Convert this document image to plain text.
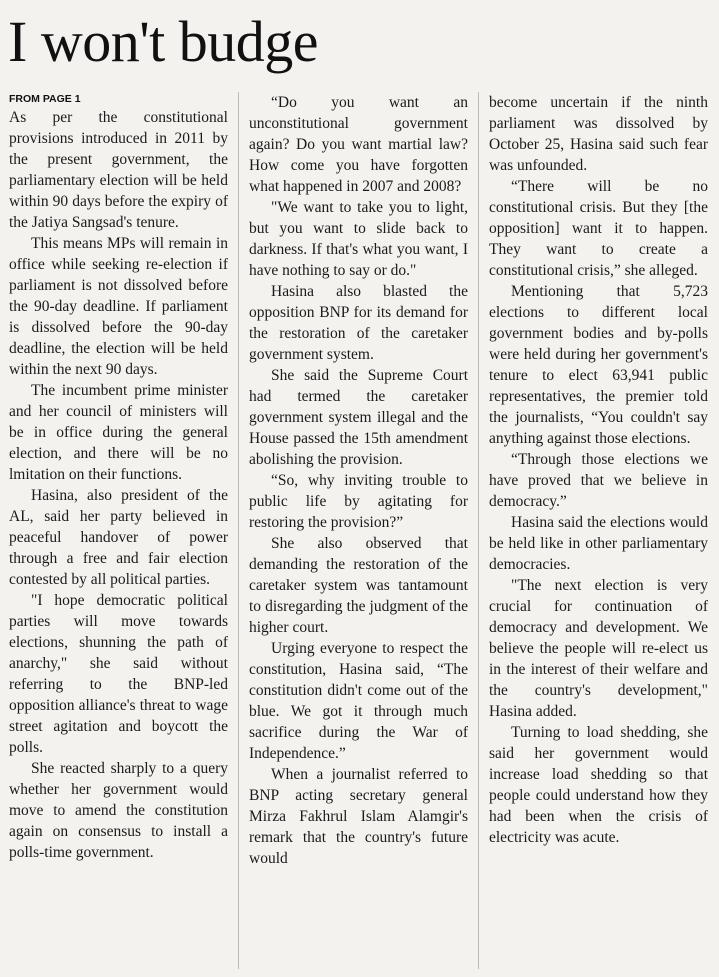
I won't budge
FROM PAGE 1

As per the constitutional provisions introduced in 2011 by the present government, the parliamentary election will be held within 90 days before the expiry of the Jatiya Sangsad's tenure.

This means MPs will remain in office while seeking re-election if parliament is not dissolved before the 90-day deadline. If parliament is dissolved before the 90-day deadline, the election will be held within the next 90 days.

The incumbent prime minister and her council of ministers will be in office during the general election, and there will be no lmitation on their functions.

Hasina, also president of the AL, said her party believed in peaceful handover of power through a free and fair election contested by all political parties.

"I hope democratic political parties will move towards elections, shunning the path of anarchy," she said without referring to the BNP-led opposition alliance's threat to wage street agitation and boycott the polls.

She reacted sharply to a query whether her government would move to amend the constitution again on consensus to install a polls-time government.

“Do you want an unconstitutional government again? Do you want martial law? How come you have forgotten what happened in 2007 and 2008?

"We want to take you to light, but you want to slide back to darkness. If that's what you want, I have nothing to say or do."

Hasina also blasted the opposition BNP for its demand for the restoration of the caretaker government system.

She said the Supreme Court had termed the caretaker government system illegal and the House passed the 15th amendment abolishing the provision.

“So, why inviting trouble to public life by agitating for restoring the provision?”

She also observed that demanding the restoration of the caretaker system was tantamount to disregarding the judgment of the higher court.

Urging everyone to respect the constitution, Hasina said, “The constitution didn't come out of the blue. We got it through much sacrifice during the War of Independence.”

When a journalist referred to BNP acting secretary general Mirza Fakhrul Islam Alamgir's remark that the country's future would

become uncertain if the ninth parliament was dissolved by October 25, Hasina said such fear was unfounded.

“There will be no constitutional crisis. But they [the opposition] want it to happen. They want to create a constitutional crisis,” she alleged.

Mentioning that 5,723 elections to different local government bodies and by-polls were held during her government's tenure to elect 63,941 public representatives, the premier told the journalists, “You couldn't say anything against those elections.

“Through those elections we have proved that we believe in democracy.”

Hasina said the elections would be held like in other parliamentary democracies.

"The next election is very crucial for continuation of democracy and development. We believe the people will re-elect us in the interest of their welfare and the country's development," Hasina added.

Turning to load shedding, she said her government would increase load shedding so that people could understand how they had been when the crisis of electricity was acute.
